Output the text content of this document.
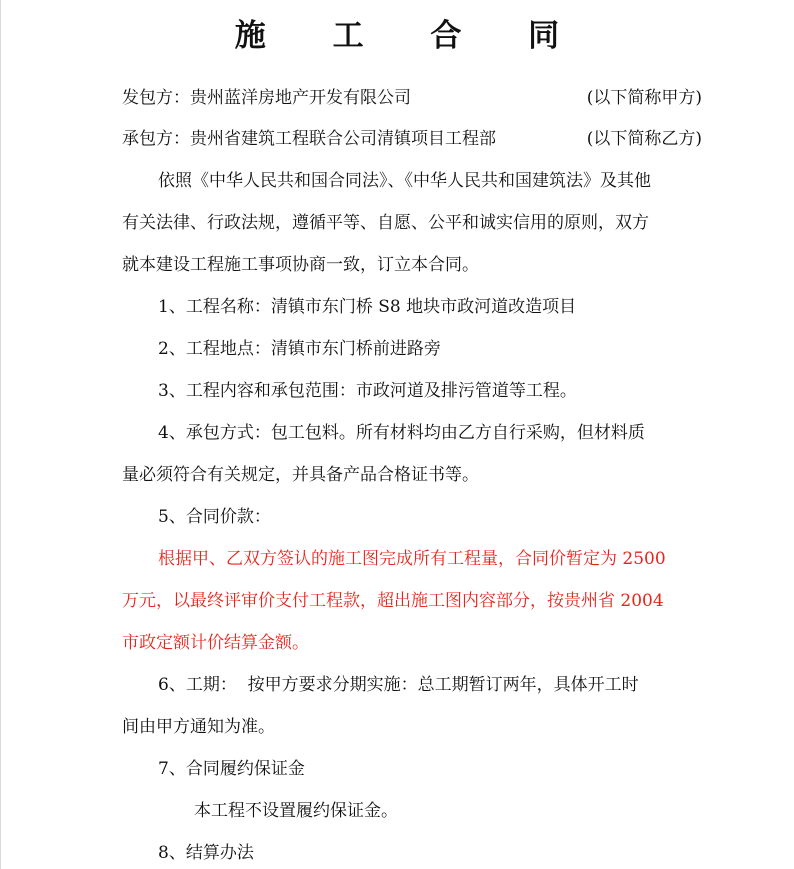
施 工 合 同
发包方：贵州蓝洋房地产开发有限公司	(以下简称甲方)
承包方：贵州省建筑工程联合公司清镇项目工程部	(以下简称乙方)
依照《中华人民共和国合同法》、《中华人民共和国建筑法》及其他
有关法律、行政法规，遵循平等、自愿、公平和诚实信用的原则，双方
就本建设工程施工事项协商一致，订立本合同。
1、工程名称：清镇市东门桥 S8 地块市政河道改造项目
2、工程地点：清镇市东门桥前进路旁
3、工程内容和承包范围：市政河道及排污管道等工程。
4、承包方式：包工包料。所有材料均由乙方自行采购，但材料质
量必须符合有关规定，并具备产品合格证书等。
5、合同价款：
根据甲、乙双方签认的施工图完成所有工程量，合同价暂定为 2500
万元，以最终评审价支付工程款，超出施工图内容部分，按贵州省 2004
市政定额计价结算金额。
6、工期：  按甲方要求分期实施：总工期暂订两年，具体开工时
间由甲方通知为准。
7、合同履约保证金
本工程不设置履约保证金。
8、结算办法
